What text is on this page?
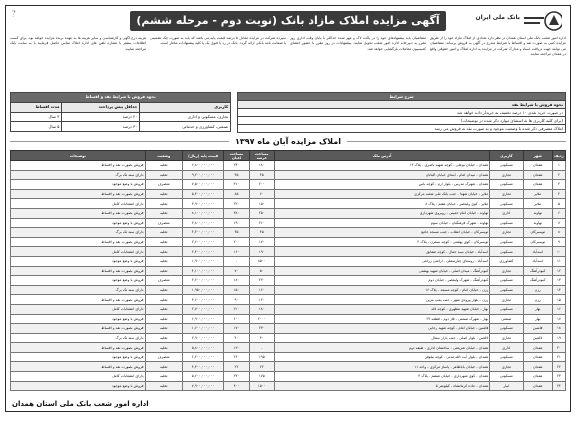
بانک ملی ایران
آگهی مزایده املاک مازاد بانک (نوبت دوم - مرحله ششم)
۳۰۰
اداره امور شعب بانک ملی استان همدان در نظر دارد تعدادی از املاک مازاد خود را از طریق مزایده کتبی به صورت نقد و اقساط با شرایط مندرج در آگهی به فروش برساند. متقاضیان می توانند جهت دریافت اسناد و مدارک شرکت در مزایده به اداره املاک و امور حقوقی واقع در همدان مراجعه نمایند.
متقاضیان باید پیشنهادهای خود را در پاکت لاک و مهر شده حداکثر تا پایان وقت اداری روز مقرر به دبیرخانه اداره امور شعب تحویل نمایند. پیشنهادات در روز مقرر با حضور اعضای کمیسیون معاملات بازگشایی خواهد شد.
سپرده شرکت در مزایده معادل ۵ درصد قیمت پایه می باشد که باید به صورت چک تضمینی یا ضمانت نامه بانکی ارائه گردد. بانک در رد یا قبول یک یا کلیه پیشنهادات مختار است.
هزینه درج آگهی و کارشناسی و سایر هزینه ها به عهده برنده مزایده خواهد بود. برای کسب اطلاعات بیشتر با شماره تلفن های اداره املاک تماس حاصل فرمایید یا به سایت بانک مراجعه نمایید.
شرح شرایط
نحوه فروش با شرایط نقد
در صورت خرید نقدی ۱۰ درصد تخفیف به خریدار داده خواهد شد
(برای کلیه کاربری ها به استثنای موارد ذکر شده در توضیحات)
املاک متصرفی ذکر شده با وضعیت موجود و به صورت نقد به فروش می رسد
نحوه فروش با شرایط نقد و اقساط		
کاربری	حداقل پیش پرداخت	مدت اقساط
تجاری، مسکونی و اداری	۲۰ درصد	۳ سال
صنعتی، کشاورزی و خدماتی	۳۰ درصد	۵ سال
املاک مزایده آبان ماه ۱۳۹۷
ردیف	شهر	کاربری	آدرس ملک	مساحت عرصه	مساحت اعیان	قیمت پایه (ریال)	وضعیت	توضیحات
۱	همدان	مسکونی	همدان - خیابان بوعلی - کوچه شهید ناصری - پلاک ۱۲	۱۸۰	۲۴۰	۶,۸۰۰,۰۰۰,۰۰۰	تخلیه	فروش بصورت نقد و اقساط
۲	همدان	تجاری	همدان - میدان امام - ابتدای خیابان اکباتان	۴۵	۴۵	۹,۲۰۰,۰۰۰,۰۰۰	تخلیه	دارای سند تک برگ
۳	همدان	مسکونی	همدان - شهرک مدرس - بلوار ارم - کوچه یاس	۲۰۰	۳۱۰	۷,۵۰۰,۰۰۰,۰۰۰	متصرف	فروش با وضع موجود
۴	ملایر	تجاری	ملایر - خیابان شهدا - جنب بانک ملی شعبه مرکزی	۶۰	۸۵	۵,۴۰۰,۰۰۰,۰۰۰	تخلیه	فروش بصورت نقد و اقساط
۵	ملایر	مسکونی	ملایر - کوی ولیعصر - خیابان هفتم - پلاک ۸	۱۵۰	۲۲۰	۳,۹۰۰,۰۰۰,۰۰۰	تخلیه	دارای انشعابات کامل
۶	نهاوند	اداری	نهاوند - خیابان امام خمینی - روبروی شهرداری	۲۵۰	۳۸۰	۸,۱۰۰,۰۰۰,۰۰۰	تخلیه	فروش بصورت نقد و اقساط
۷	نهاوند	مسکونی	نهاوند - شهرک فرهنگیان - خیابان سوم	۲۱۰	۱۹۰	۲,۸۰۰,۰۰۰,۰۰۰	متصرف	فروش با وضع موجود
۸	تویسرکان	تجاری	تویسرکان - خیابان انقلاب - جنب مسجد جامع	۳۵	۳۵	۳,۲۰۰,۰۰۰,۰۰۰	تخلیه	دارای سند تک برگ
۹	تویسرکان	مسکونی	تویسرکان - کوی بهشتی - کوچه نسترن - پلاک ۴	۱۷۰	۲۰۰	۲,۶۰۰,۰۰۰,۰۰۰	تخلیه	فروش بصورت نقد و اقساط
۱۰	اسدآباد	مسکونی	اسدآباد - خیابان سید جمال - کوچه شقایق	۱۹۰	۱۶۰	۲,۴۰۰,۰۰۰,۰۰۰	تخلیه	دارای انشعابات کامل
۱۱	اسدآباد	کشاورزی	اسدآباد - روستای چنارسفلی - اراضی زراعی	۸۵۰۰	-	۱,۹۰۰,۰۰۰,۰۰۰	تخلیه	فروش با وضع موجود
۱۲	کبودرآهنگ	تجاری	کبودرآهنگ - میدان اصلی - خیابان شهید بهشتی	۵۰	۷۰	۴,۱۰۰,۰۰۰,۰۰۰	تخلیه	فروش بصورت نقد و اقساط
۱۳	کبودرآهنگ	مسکونی	کبودرآهنگ - شهرک ولیعصر - خیابان دوم	۲۲۰	۱۸۰	۲,۲۰۰,۰۰۰,۰۰۰	متصرف	فروش با وضع موجود
۱۴	رزن	مسکونی	رزن - خیابان امام - کوچه مسجد - پلاک ۱۶	۱۶۰	۱۵۰	۱,۹۵۰,۰۰۰,۰۰۰	تخلیه	دارای سند تک برگ
۱۵	رزن	تجاری	رزن - بلوار ورودی شهر - جنب پمپ بنزین	۱۲۰	۹۰	۳,۶۰۰,۰۰۰,۰۰۰	تخلیه	فروش بصورت نقد و اقساط
۱۶	بهار	مسکونی	بهار - خیابان شهید مطهری - کوچه لاله	۱۸۰	۲۱۰	۲,۷۰۰,۰۰۰,۰۰۰	تخلیه	دارای انشعابات کامل
۱۷	بهار	صنعتی	بهار - شهرک صنعتی - فاز دوم - قطعه ۲۴	۲۰۰۰	۶۰۰	۶,۹۰۰,۰۰۰,۰۰۰	تخلیه	فروش با وضع موجود
۱۸	فامنین	مسکونی	فامنین - خیابان امام - کوچه شهید رجایی	۲۳۰	۱۷۰	۱,۶۰۰,۰۰۰,۰۰۰	تخلیه	فروش بصورت نقد و اقساط
۱۹	لالجین	تجاری	لالجین - بلوار اصلی - جنب بازار سفال	۴۰	۴۰	۲,۹۰۰,۰۰۰,۰۰۰	تخلیه	دارای سند تک برگ
۲۰	همدان	اداری	همدان - خیابان شریعتی - ساختمان اداری - طبقه دوم	-	۱۳۰	۵,۸۰۰,۰۰۰,۰۰۰	تخلیه	فروش بصورت نقد و اقساط
۲۱	همدان	مسکونی	همدان - بلوار آیت الله مدنی - کوچه نیلوفر	۱۹۵	۲۶۰	۶,۲۰۰,۰۰۰,۰۰۰	متصرف	فروش با وضع موجود
۲۲	همدان	تجاری	همدان - خیابان باباطاهر - پاساژ مرکزی - واحد ۱۱	۲۲	۲۲	۴,۴۰۰,۰۰۰,۰۰۰	تخلیه	فروش بصورت نقد و اقساط
۲۳	همدان	مسکونی	همدان - کوی شهرداری - خیابان ششم - پلاک ۳	۱۷۵	۲۳۰	۵,۶۰۰,۰۰۰,۰۰۰	تخلیه	دارای انشعابات کامل
۲۴	همدان	انبار	همدان - جاده کرمانشاه - کیلومتر ۵	۱۵۰۰	۴۰۰	۷,۹۰۰,۰۰۰,۰۰۰	تخلیه	فروش با وضع موجود
اداره امور شعب بانک ملی استان همدان
